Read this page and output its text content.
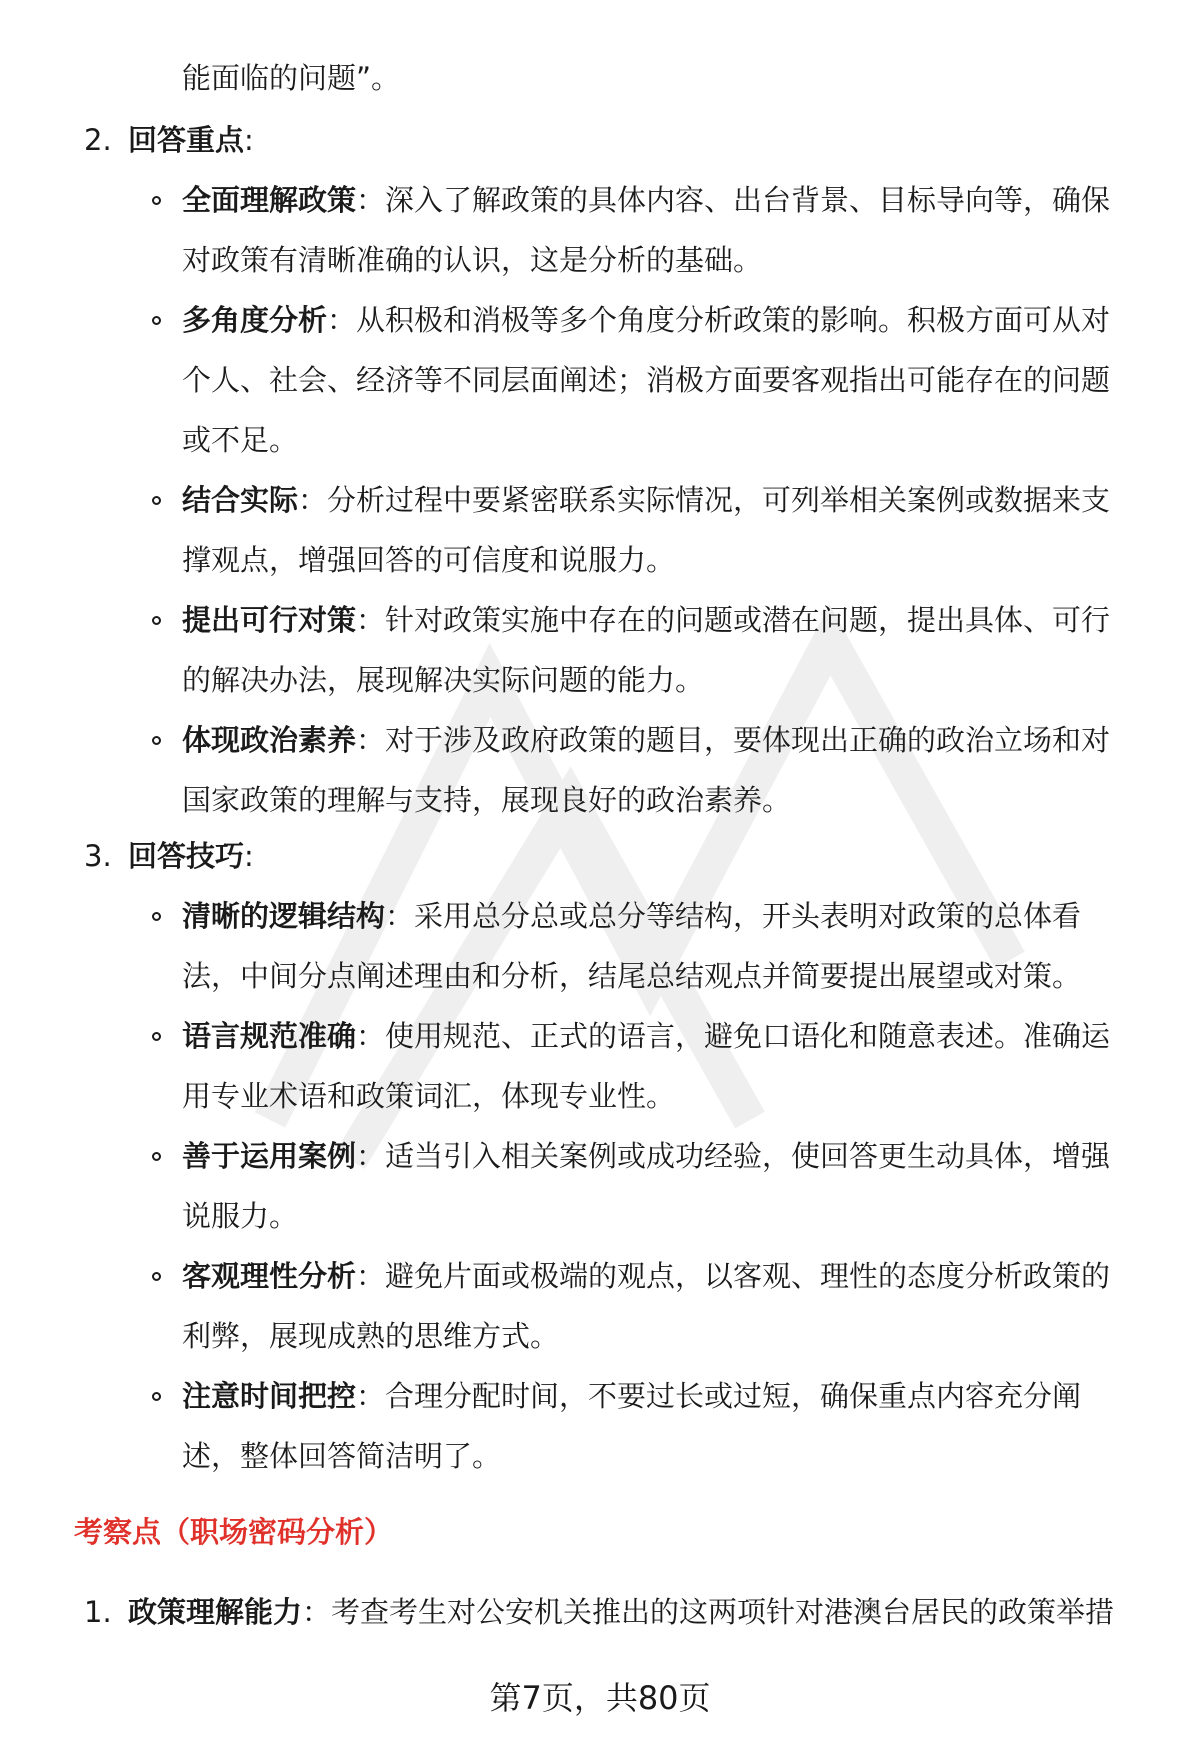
能面临的问题”。
2. 回答重点:
全面理解政策：深入了解政策的具体内容、出台背景、目标导向等，确保
对政策有清晰准确的认识，这是分析的基础。
多角度分析：从积极和消极等多个角度分析政策的影响。积极方面可从对
个人、社会、经济等不同层面阐述；消极方面要客观指出可能存在的问题
或不足。
结合实际：分析过程中要紧密联系实际情况，可列举相关案例或数据来支
撑观点，增强回答的可信度和说服力。
提出可行对策：针对政策实施中存在的问题或潜在问题，提出具体、可行
的解决办法，展现解决实际问题的能力。
体现政治素养：对于涉及政府政策的题目，要体现出正确的政治立场和对
国家政策的理解与支持，展现良好的政治素养。
3. 回答技巧:
清晰的逻辑结构：采用总分总或总分等结构，开头表明对政策的总体看
法，中间分点阐述理由和分析，结尾总结观点并简要提出展望或对策。
语言规范准确：使用规范、正式的语言，避免口语化和随意表述。准确运
用专业术语和政策词汇，体现专业性。
善于运用案例：适当引入相关案例或成功经验，使回答更生动具体，增强
说服力。
客观理性分析：避免片面或极端的观点，以客观、理性的态度分析政策的
利弊，展现成熟的思维方式。
注意时间把控：合理分配时间，不要过长或过短，确保重点内容充分阐
述，整体回答简洁明了。
考察点（职场密码分析）
1. 政策理解能力：考查考生对公安机关推出的这两项针对港澳台居民的政策举措
第7页，共80页
